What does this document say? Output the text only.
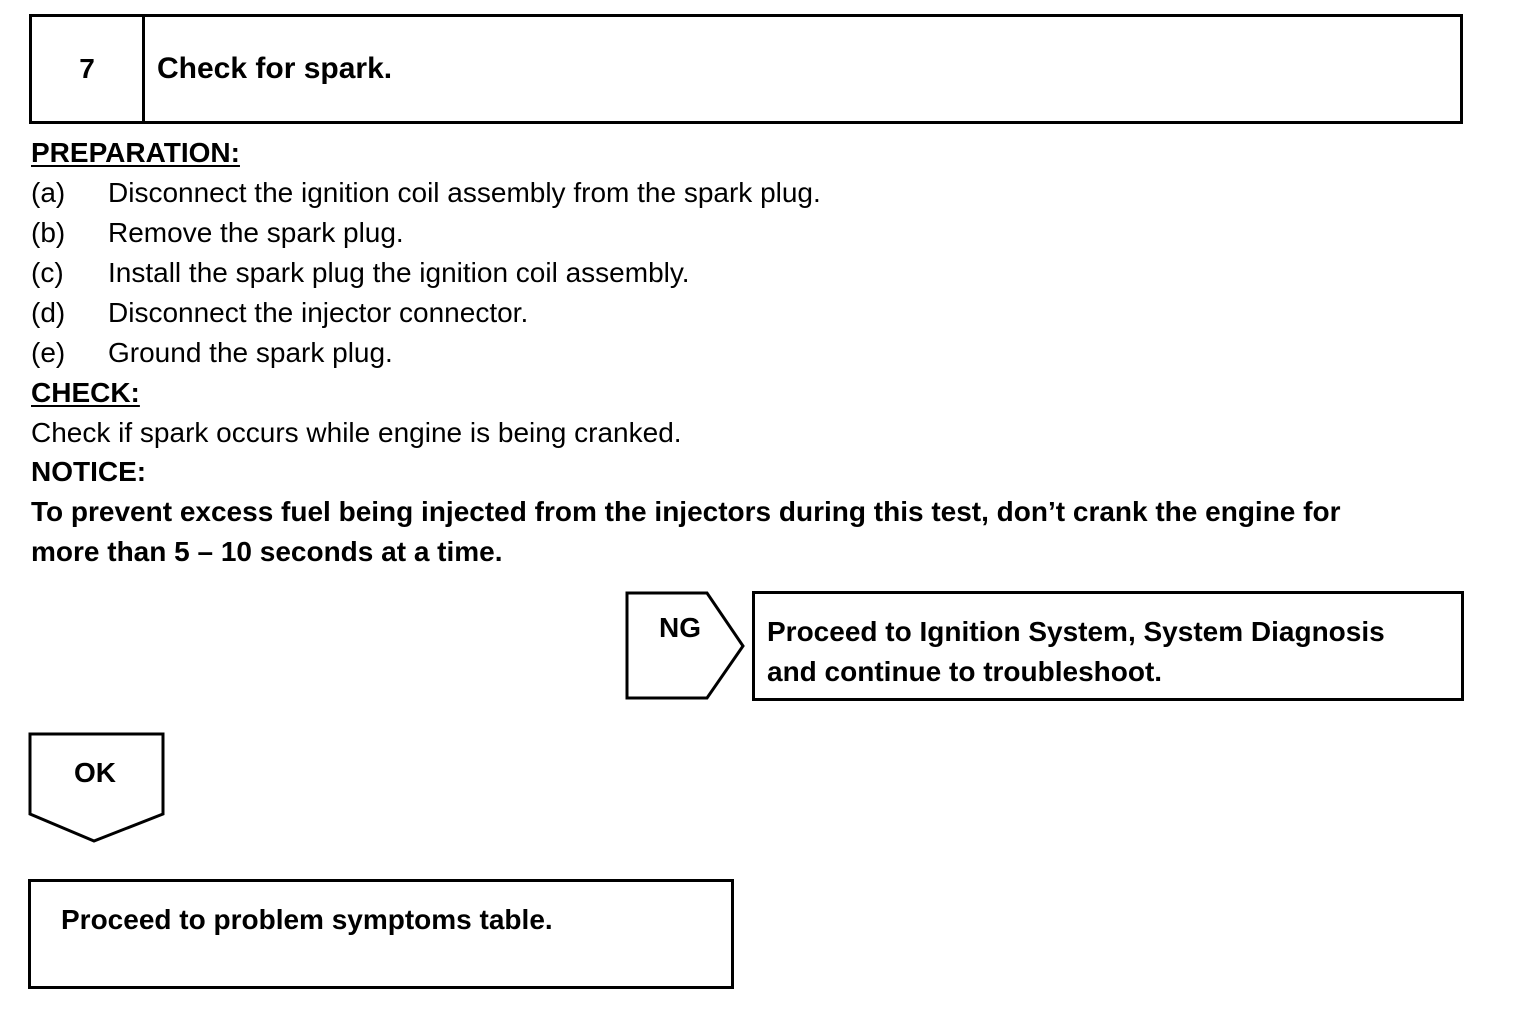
7	Check for spark.
PREPARATION:
(a) Disconnect the ignition coil assembly from the spark plug.
(b) Remove the spark plug.
(c) Install the spark plug the ignition coil assembly.
(d) Disconnect the injector connector.
(e) Ground the spark plug.
CHECK:
Check if spark occurs while engine is being cranked.
NOTICE:
To prevent excess fuel being injected from the injectors during this test, don’t crank the engine for
more than 5 – 10 seconds at a time.
NG	Proceed to Ignition System, System Diagnosis
and continue to troubleshoot.
OK
Proceed to problem symptoms table.
